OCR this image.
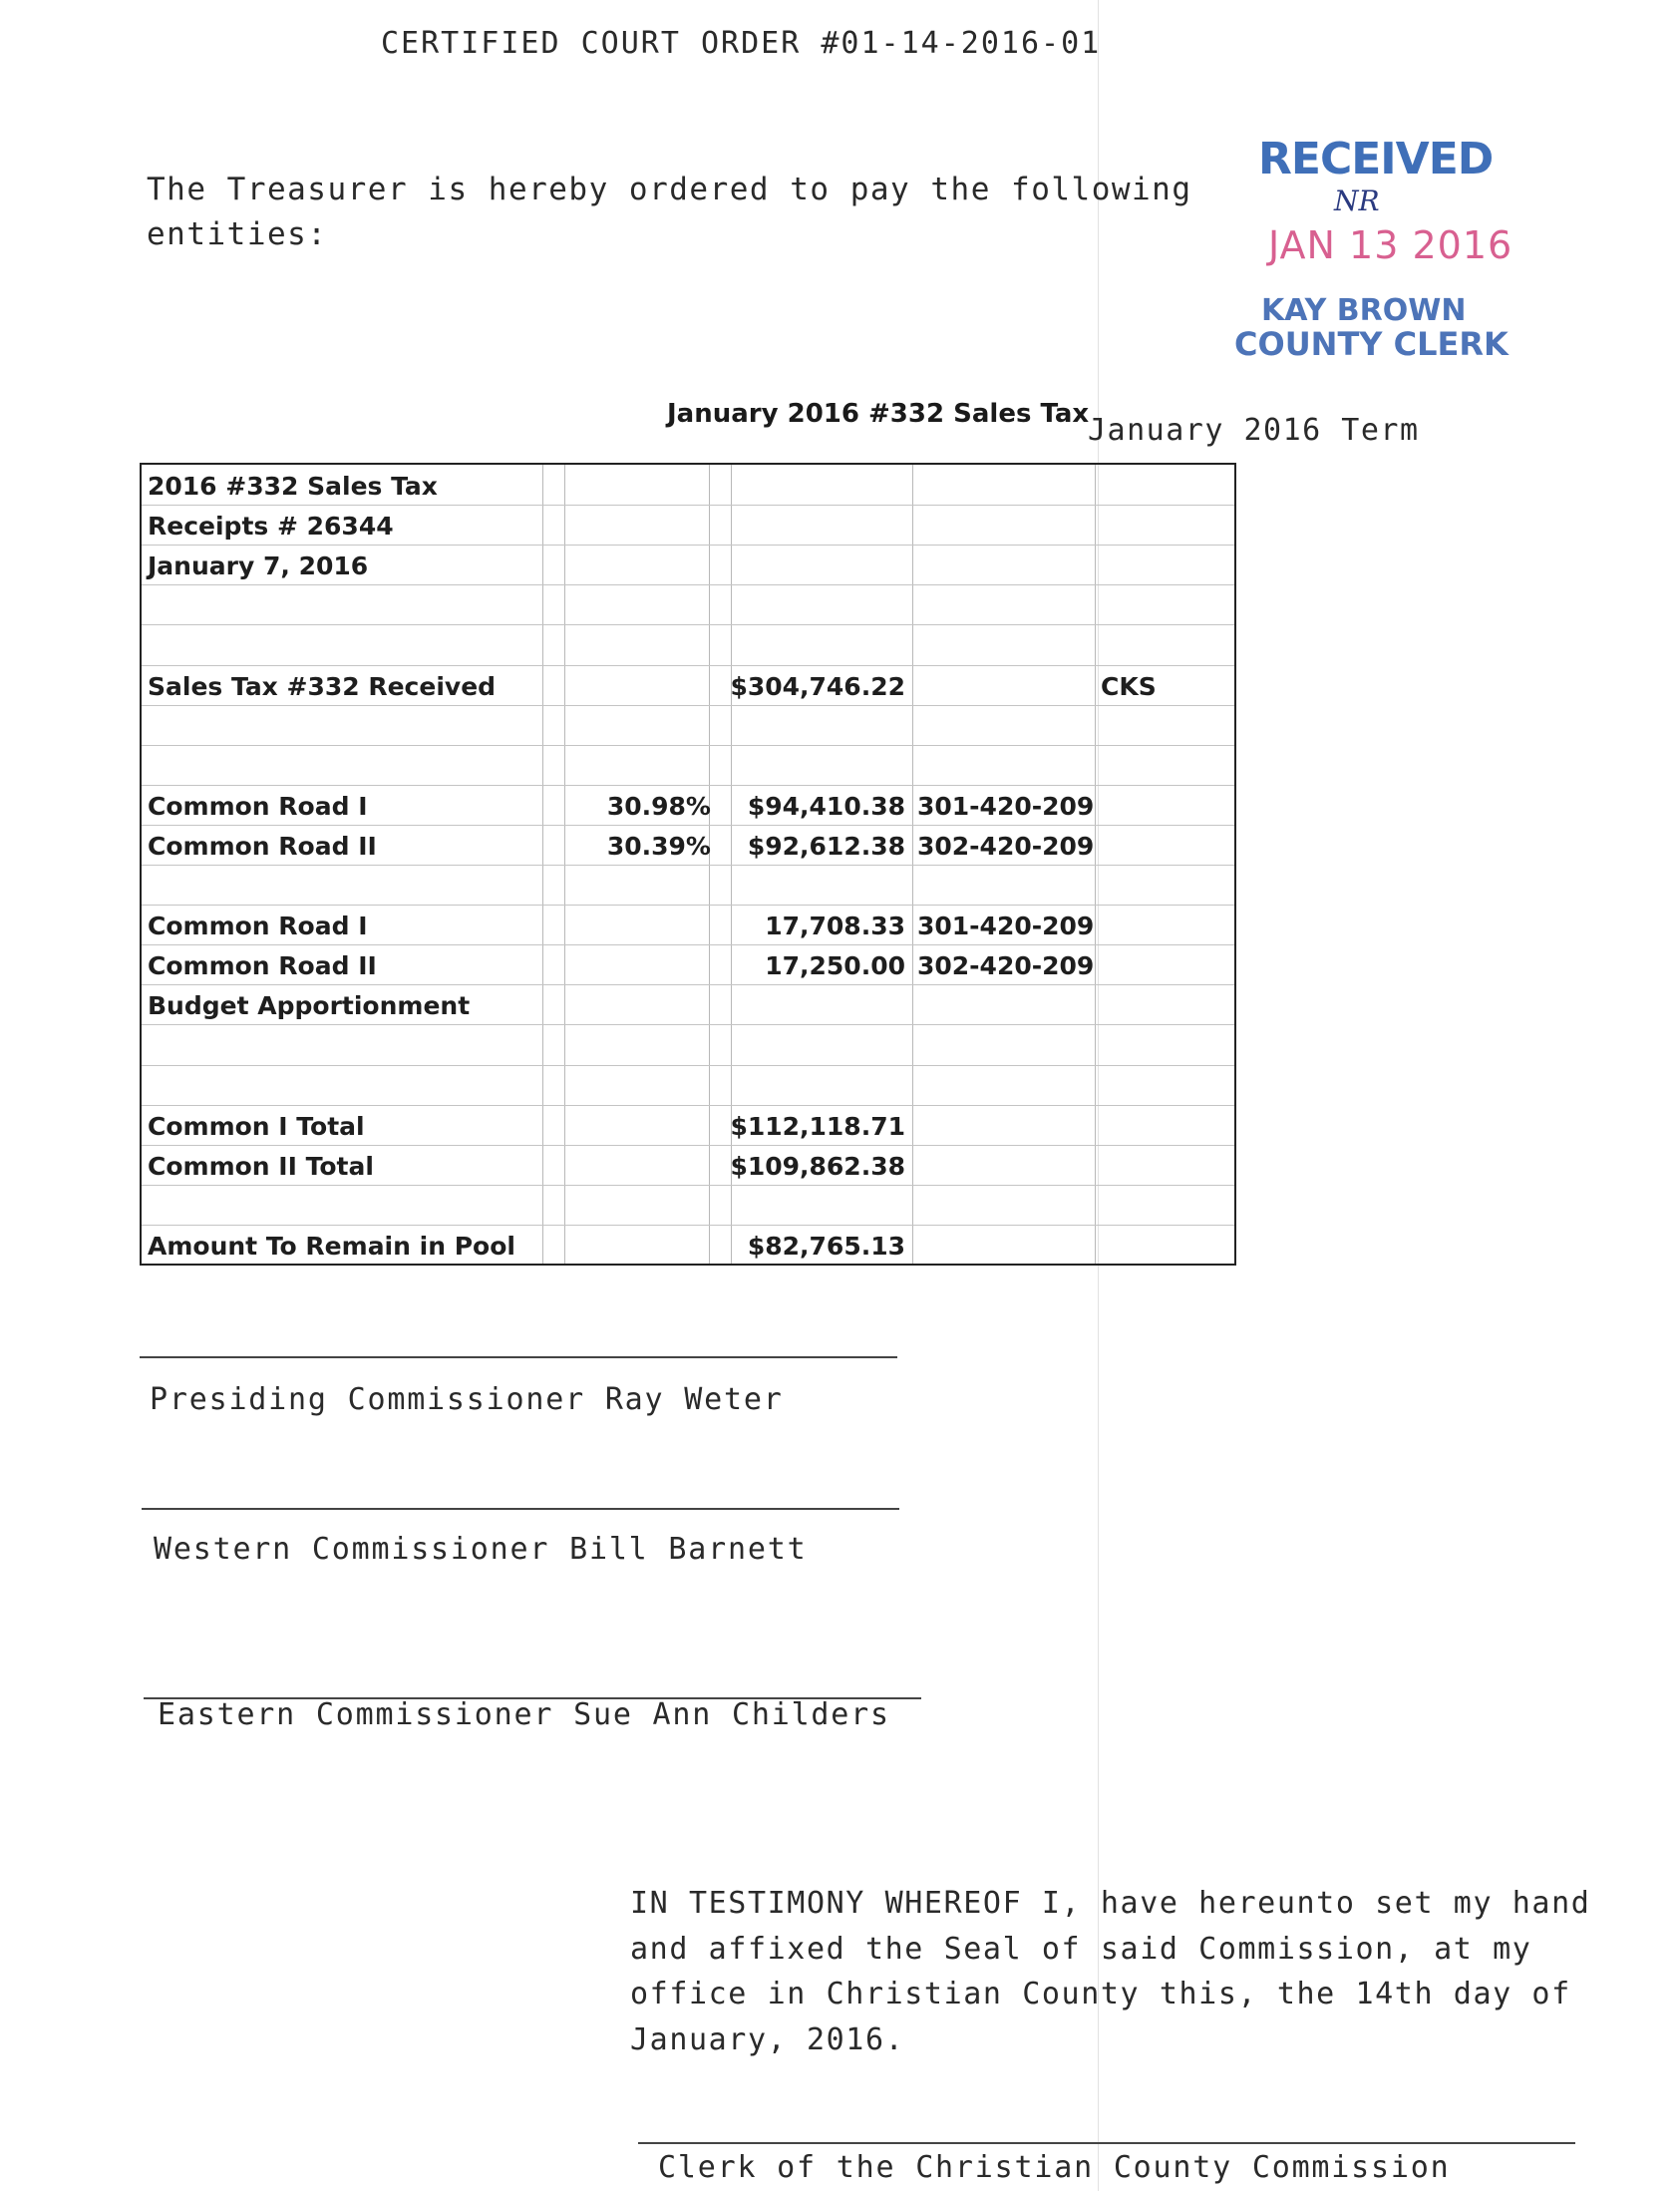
CERTIFIED COURT ORDER #01-14-2016-01
The Treasurer is hereby ordered to pay the following entities:
RECEIVED
NR
JAN 13 2016
KAY BROWN
COUNTY CLERK
January 2016 #332 Sales Tax
January 2016 Term
2016 #332 Sales Tax
Receipts # 26344
January 7, 2016
Sales Tax #332 Received	$304,746.22	CKS
Common Road I	30.98% $94,410.38 301-420-209
Common Road II	30.39% $92,612.38 302-420-209
Common Road I	17,708.33 301-420-209
Common Road II	17,250.00 302-420-209
Budget Apportionment
Common I Total	$112,118.71
Common II Total	$109,862.38
Amount To Remain in Pool	$82,765.13
Presiding Commissioner Ray Weter
Western Commissioner Bill Barnett
Eastern Commissioner Sue Ann Childers
IN TESTIMONY WHEREOF I, have hereunto set my hand and affixed the Seal of said Commission, at my office in Christian County this, the 14th day of January, 2016.
Clerk of the Christian County Commission
